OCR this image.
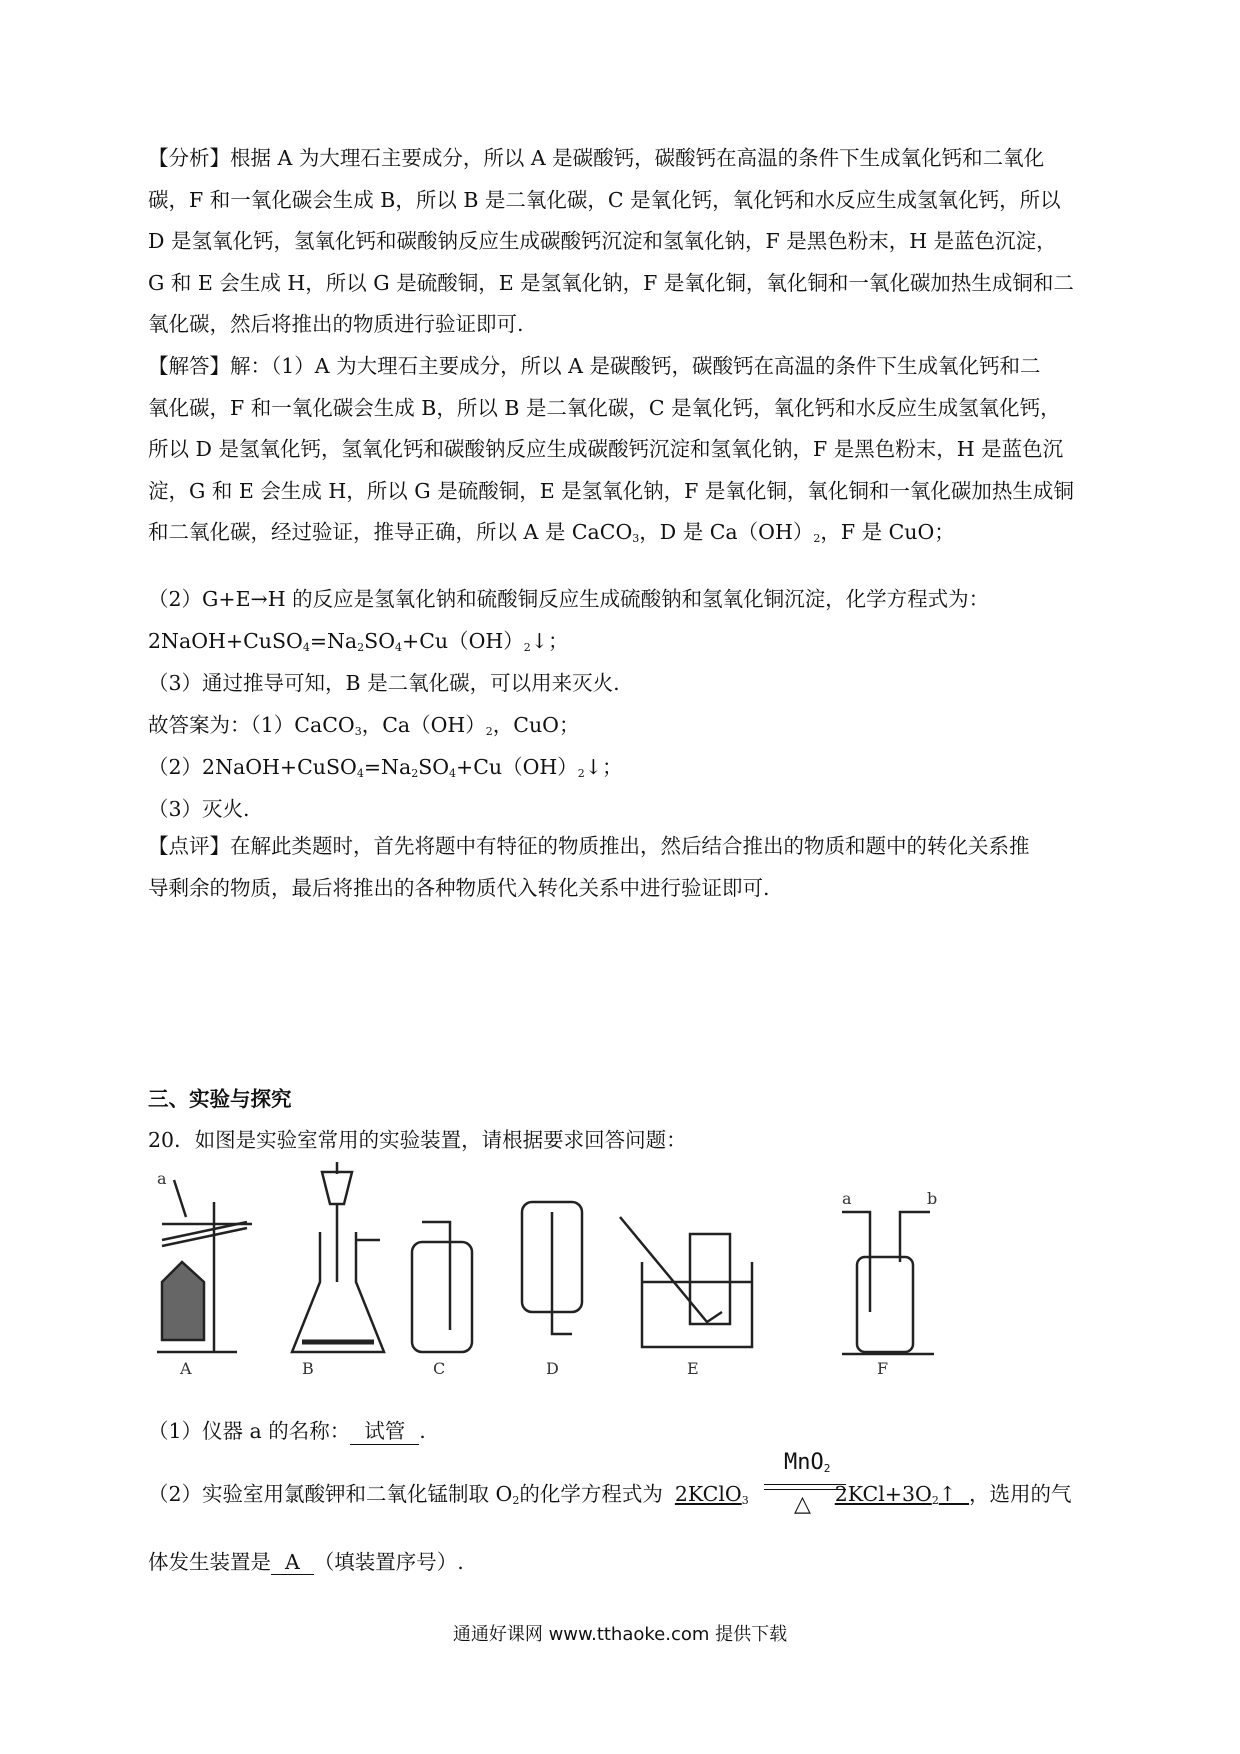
【分析】根据 A 为大理石主要成分，所以 A 是碳酸钙，碳酸钙在高温的条件下生成氧化钙和二氧化
碳，F 和一氧化碳会生成 B，所以 B 是二氧化碳，C 是氧化钙，氧化钙和水反应生成氢氧化钙，所以
D 是氢氧化钙，氢氧化钙和碳酸钠反应生成碳酸钙沉淀和氢氧化钠，F 是黑色粉末，H 是蓝色沉淀，
G 和 E 会生成 H，所以 G 是硫酸铜，E 是氢氧化钠，F 是氧化铜，氧化铜和一氧化碳加热生成铜和二
氧化碳，然后将推出的物质进行验证即可.
【解答】解：（1）A 为大理石主要成分，所以 A 是碳酸钙，碳酸钙在高温的条件下生成氧化钙和二
氧化碳，F 和一氧化碳会生成 B，所以 B 是二氧化碳，C 是氧化钙，氧化钙和水反应生成氢氧化钙，
所以 D 是氢氧化钙，氢氧化钙和碳酸钠反应生成碳酸钙沉淀和氢氧化钠，F 是黑色粉末，H 是蓝色沉
淀，G 和 E 会生成 H，所以 G 是硫酸铜，E 是氢氧化钠，F 是氧化铜，氧化铜和一氧化碳加热生成铜
和二氧化碳，经过验证，推导正确，所以 A 是 CaCO$_3$，D 是 $Ca(OH)_2$，F 是 CuO；
（2）G+E→H 的反应是氢氧化钠和硫酸铜反应生成硫酸钠和氢氧化铜沉淀，化学方程式为：
$2NaOH+CuSO_4=Na_2SO_4+Cu(OH)_2↓$；
（3）通过推导可知，B 是二氧化碳，可以用来灭火.
故答案为：（1）CaCO$_3$，$Ca(OH)_2$，CuO；
$(2)2NaOH+CuSO_4=Na_2SO_4+Cu(OH)_2↓$；
（3）灭火.
【点评】在解此类题时，首先将题中有特征的物质推出，然后结合推出的物质和题中的转化关系推
导剩余的物质，最后将推出的各种物质代入转化关系中进行验证即可.
三、实验与探究
20．如图是实验室常用的实验装置，请根据要求回答问题：
a
a	b
A	B	C	D	E	F
（1）仪器 a 的名称： 试管 .
MnO$_2$
△
（2）实验室用氯酸钾和二氧化锰制取 $O_2$的化学方程式为 2KClO$_3$	$2KCl+3O_2↑$ ，选用的气
体发生装置是 A （填装置序号）.
通通好课网 www.tthaoke.com 提供下载
